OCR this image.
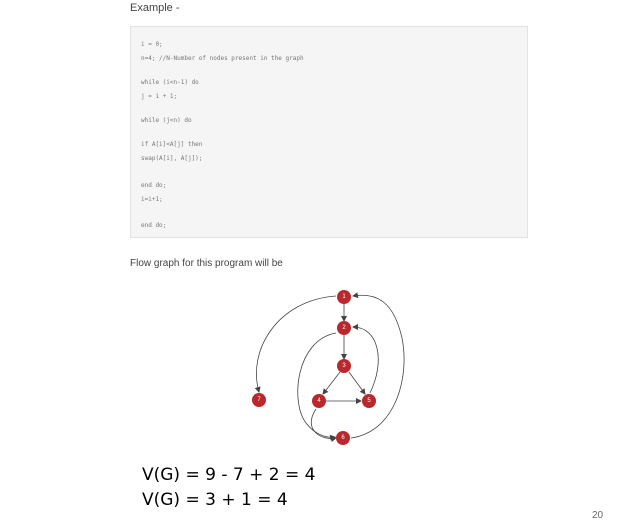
Example -
i = 0;
n=4; //N-Number of nodes present in the graph
while (i<n-1) do
j = i + 1;
while (j<n) do
if A[i]<A[j] then
swap(A[i], A[j]);
end do;
i=i+1;
end do;
Flow graph for this program will be
1
2
3
4	5
6
7
V(G) = 9 - 7 + 2 = 4
V(G) = 3 + 1 = 4
20
